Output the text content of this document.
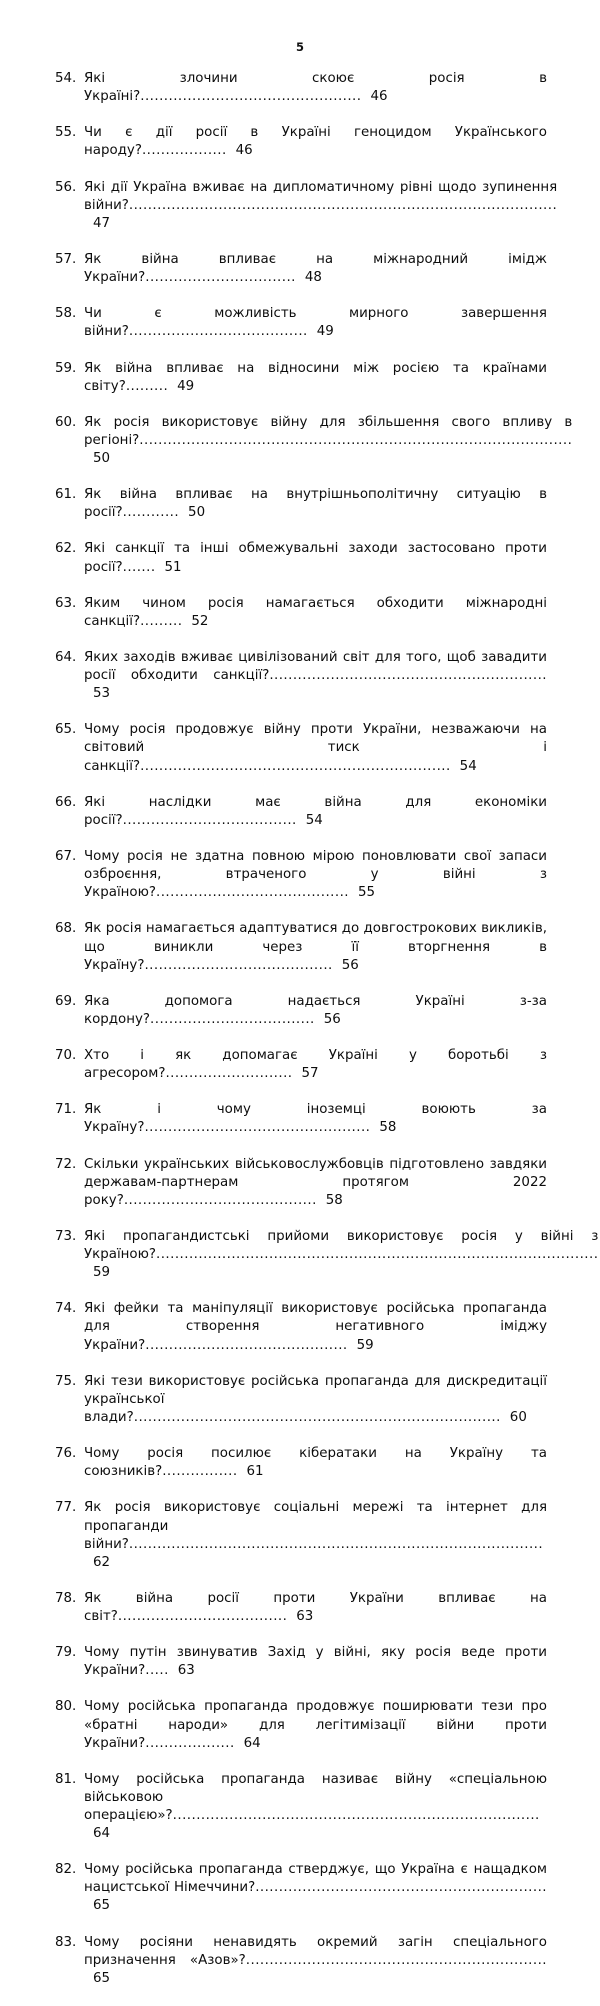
5
54. Які злочини скоює росія в Україні?............................................... 46
55. Чи є дії росії в Україні геноцидом Українського народу?.................. 46
56. Які дії Україна вживає на дипломатичному рівні щодо зупинення війни?...........................................................................................47
57. Як війна впливає на міжнародний імідж України?................................ 48
58. Чи є можливість мирного завершення війни?...................................... 49
59. Як війна впливає на відносини між росією та країнами світу?......... 49
60. Як росія використовує війну для збільшення свого впливу в регіоні?............................................................................................50
61. Як війна впливає на внутрішньополітичну ситуацію в росії?............ 50
62. Які санкції та інші обмежувальні заходи застосовано проти росії?....... 51
63. Яким чином росія намагається обходити міжнародні санкції?......... 52
64. Яких заходів вживає цивілізований світ для того, щоб завадити росії обходити санкції?...........................................................53
65. Чому росія продовжує війну проти України, незважаючи на світовий тиск і санкції?.................................................................. 54
66. Які наслідки має війна для економіки росії?..................................... 54
67. Чому росія не здатна повною мірою поновлювати свої запаси озброєння, втраченого у війні з Україною?......................................... 55
68. Як росія намагається адаптуватися до довгострокових викликів, що виникли через її вторгнення в Україну?........................................ 56
69. Яка допомога надається Україні з-за кордону?................................... 56
70. Хто і як допомагає Україні у боротьбі з агресором?........................... 57
71. Як і чому іноземці воюють за Україну?................................................ 58
72. Скільки українських військовослужбовців підготовлено завдяки державам-партнерам протягом 2022 року?......................................... 58
73. Які пропагандистські прийоми використовує росія у війні з Україною?..............................................................................................59
74. Які фейки та маніпуляції використовує російська пропаганда для створення негативного іміджу України?........................................... 59
75. Які тези використовує російська пропаганда для дискредитації української влади?.............................................................................. 60
76. Чому росія посилює кібератаки на Україну та союзників?................ 61
77. Як росія використовує соціальні мережі та інтернет для пропаганди війни?........................................................................................62
78. Як війна росії проти України впливає на світ?.................................... 63
79. Чому путін звинуватив Захід у війні, яку росія веде проти України?..... 63
80. Чому російська пропаганда продовжує поширювати тези про «братні народи» для легітимізації війни проти України?................... 64
81. Чому російська пропаганда називає війну «спеціальною військовою операцією»?..............................................................................64
82. Чому російська пропаганда стверджує, що Україна є нащадком нацистської Німеччини?..............................................................65
83. Чому росіяни ненавидять окремий загін спеціального призначення «Азов»?................................................................65
